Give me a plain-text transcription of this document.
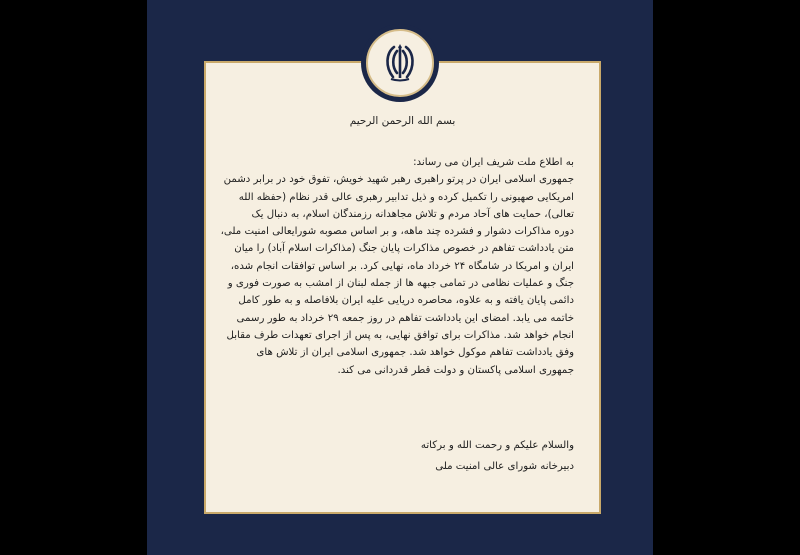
بسم الله الرحمن الرحیم
به اطلاع ملت شریف ایران می رساند:
جمهوری اسلامی ایران در پرتو راهبری رهبر شهید خویش، تفوق خود در برابر دشمن
امریکایی صهیونی را تکمیل کرده و ذیل تدابیر رهبری عالی قدر نظام (حفظه الله
تعالی)، حمایت های آحاد مردم و تلاش مجاهدانه رزمندگان اسلام، به دنبال یک
دوره مذاکرات دشوار و فشرده چند ماهه، و بر اساس مصوبه شورایعالی امنیت ملی،
متن یادداشت تفاهم در خصوص مذاکرات پایان جنگ (مذاکرات اسلام آباد) را میان
ایران و امریکا در شامگاه ۲۴ خرداد ماه، نهایی کرد. بر اساس توافقات انجام شده،
جنگ و عملیات نظامی در تمامی جبهه ها از جمله لبنان از امشب به صورت فوری و
دائمی پایان یافته و به علاوه، محاصره دریایی علیه ایران بلافاصله و به طور کامل
خاتمه می یابد. امضای این یادداشت تفاهم در روز جمعه ۲۹ خرداد به طور رسمی
انجام خواهد شد. مذاکرات برای توافق نهایی، به پس از اجرای تعهدات طرف مقابل
وفق یادداشت تفاهم موکول خواهد شد. جمهوری اسلامی ایران از تلاش های
جمهوری اسلامی پاکستان و دولت قطر قدردانی می کند.
والسلام علیکم و رحمت الله و برکاته
دبیرخانه شورای عالی امنیت ملی
